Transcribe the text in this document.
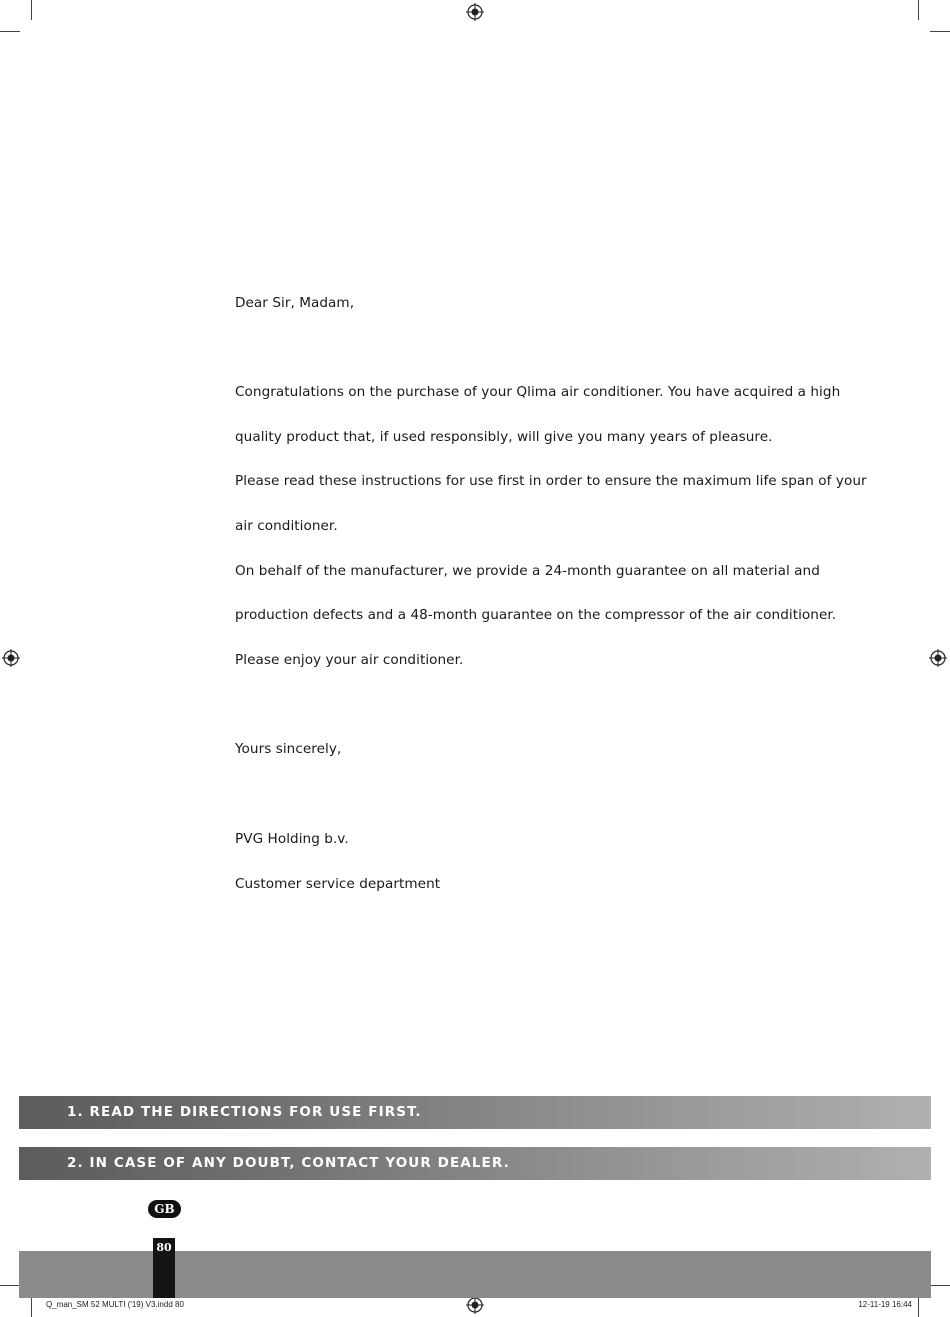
Dear Sir, Madam,
Congratulations on the purchase of your Qlima air conditioner. You have acquired a high
quality product that, if used responsibly, will give you many years of pleasure.
Please read these instructions for use first in order to ensure the maximum life span of your
air conditioner.
On behalf of the manufacturer, we provide a 24-month guarantee on all material and
production defects and a 48-month guarantee on the compressor of the air conditioner.
Please enjoy your air conditioner.
Yours sincerely,
PVG Holding b.v.
Customer service department
1. READ THE DIRECTIONS FOR USE FIRST.
2. IN CASE OF ANY DOUBT, CONTACT YOUR DEALER.
GB
80
Q_man_SM 52 MULTI ('19) V3.indd 80	12-11-19 16:44
